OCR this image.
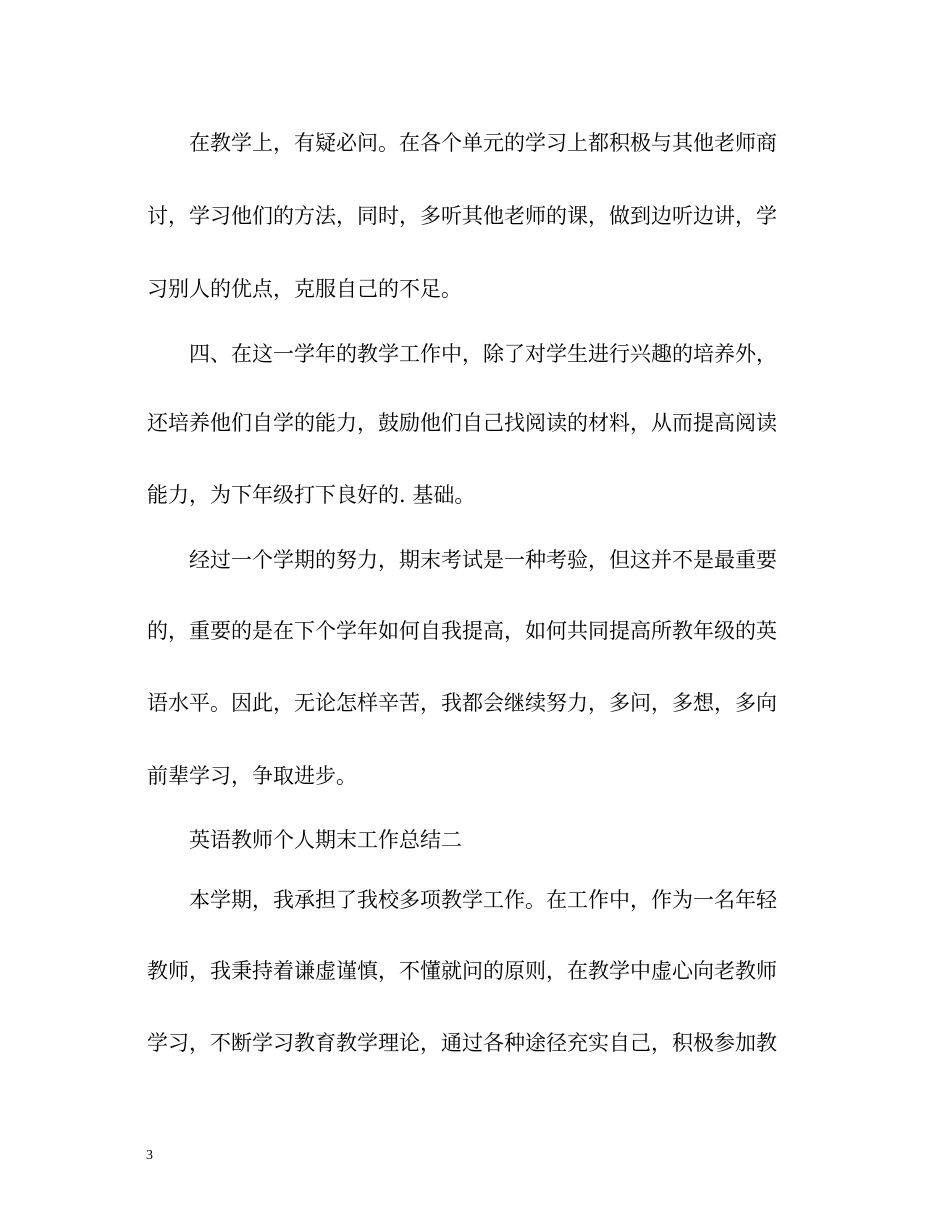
在教学上，有疑必问。在各个单元的学习上都积极与其他老师商
讨，学习他们的方法，同时，多听其他老师的课，做到边听边讲，学
习别人的优点，克服自己的不足。
四、在这一学年的教学工作中，除了对学生进行兴趣的培养外，
还培养他们自学的能力，鼓励他们自己找阅读的材料，从而提高阅读
能力，为下年级打下良好的. 基础。
经过一个学期的努力，期末考试是一种考验，但这并不是最重要
的，重要的是在下个学年如何自我提高，如何共同提高所教年级的英
语水平。因此，无论怎样辛苦，我都会继续努力，多问，多想，多向
前辈学习，争取进步。
英语教师个人期末工作总结二
本学期，我承担了我校多项教学工作。在工作中，作为一名年轻
教师，我秉持着谦虚谨慎，不懂就问的原则，在教学中虚心向老教师
学习，不断学习教育教学理论，通过各种途径充实自己，积极参加教
3
